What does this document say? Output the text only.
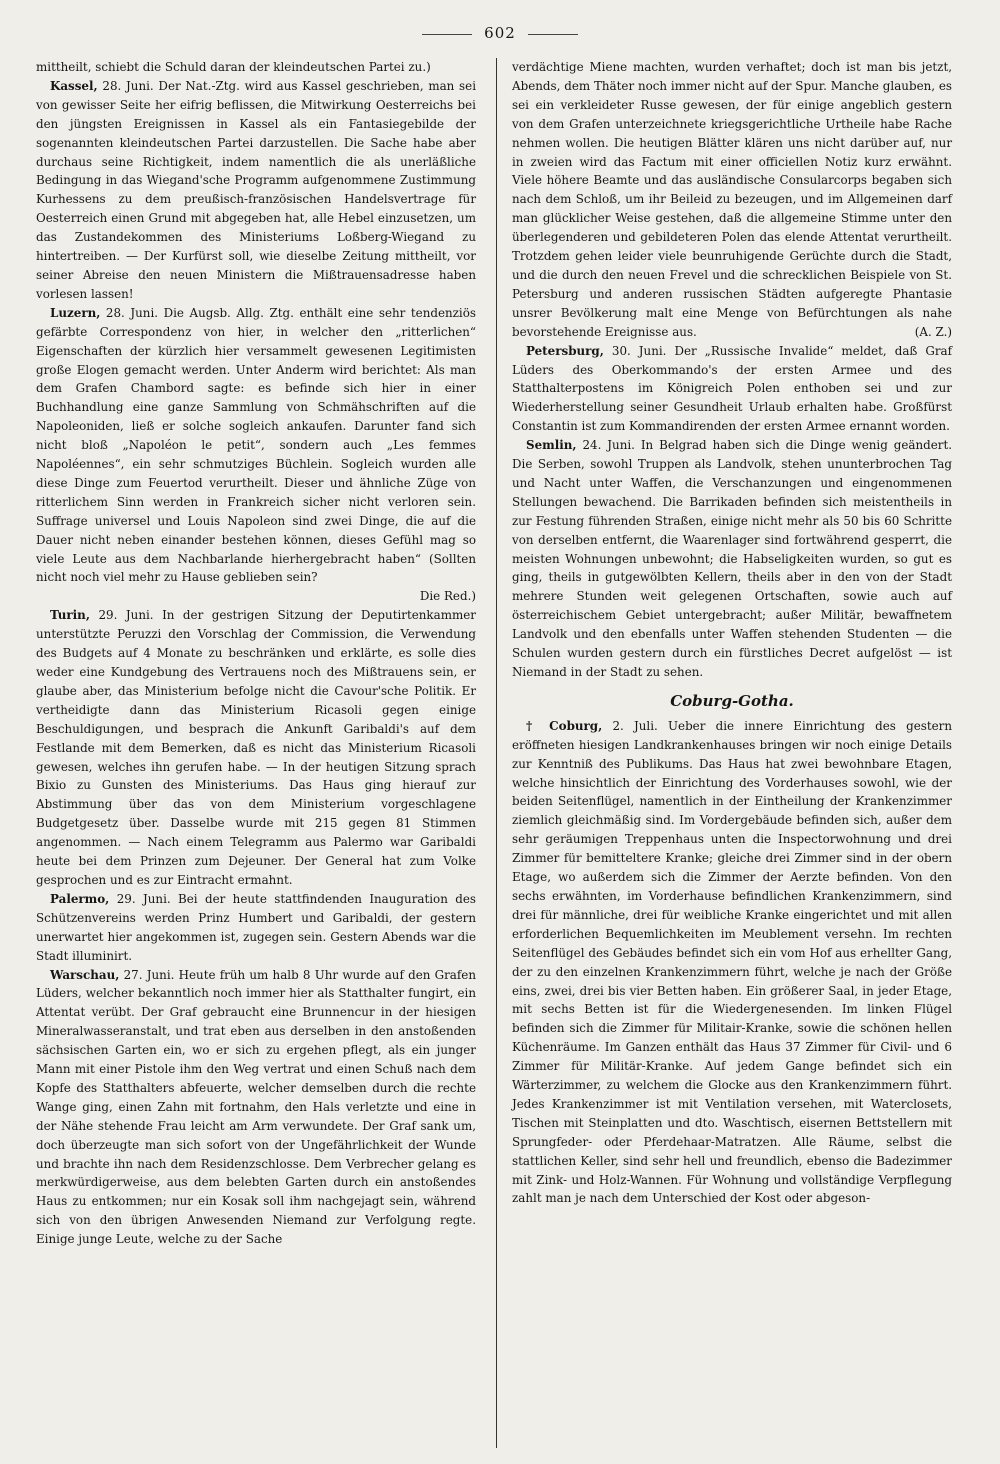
602

mittheilt, schiebt die Schuld daran der kleindeutschen Partei zu.)

Kassel, 28. Juni. Der Nat.-Ztg. wird aus Kassel geschrieben, man sei von gewisser Seite her eifrig beflissen, die Mitwirkung Oesterreichs bei den jüngsten Ereignissen in Kassel als ein Fantasiegebilde der sogenannten kleindeutschen Partei darzustellen. Die Sache habe aber durchaus seine Richtigkeit, indem namentlich die als unerläßliche Bedingung in das Wiegand'sche Programm aufgenommene Zustimmung Kurhessens zu dem preußisch-französischen Handelsvertrage für Oesterreich einen Grund mit abgegeben hat, alle Hebel einzusetzen, um das Zustandekommen des Ministeriums Loßberg-Wiegand zu hintertreiben. — Der Kurfürst soll, wie dieselbe Zeitung mittheilt, vor seiner Abreise den neuen Ministern die Mißtrauensadresse haben vorlesen lassen!

Luzern, 28. Juni. Die Augsb. Allg. Ztg. enthält eine sehr tendenziös gefärbte Correspondenz von hier, in welcher den „ritterlichen“ Eigenschaften der kürzlich hier versammelt gewesenen Legitimisten große Elogen gemacht werden. Unter Anderm wird berichtet: Als man dem Grafen Chambord sagte: es befinde sich hier in einer Buchhandlung eine ganze Sammlung von Schmähschriften auf die Napoleoniden, ließ er solche sogleich ankaufen. Darunter fand sich nicht bloß „Napoléon le petit“, sondern auch „Les femmes Napoléennes“, ein sehr schmutziges Büchlein. Sogleich wurden alle diese Dinge zum Feuertod verurtheilt. Dieser und ähnliche Züge von ritterlichem Sinn werden in Frankreich sicher nicht verloren sein. Suffrage universel und Louis Napoleon sind zwei Dinge, die auf die Dauer nicht neben einander bestehen können, dieses Gefühl mag so viele Leute aus dem Nachbarlande hierhergebracht haben“ (Sollten nicht noch viel mehr zu Hause geblieben sein?

Die Red.)

Turin, 29. Juni. In der gestrigen Sitzung der Deputirtenkammer unterstützte Peruzzi den Vorschlag der Commission, die Verwendung des Budgets auf 4 Monate zu beschränken und erklärte, es solle dies weder eine Kundgebung des Vertrauens noch des Mißtrauens sein, er glaube aber, das Ministerium befolge nicht die Cavour'sche Politik. Er vertheidigte dann das Ministerium Ricasoli gegen einige Beschuldigungen, und besprach die Ankunft Garibaldi's auf dem Festlande mit dem Bemerken, daß es nicht das Ministerium Ricasoli gewesen, welches ihn gerufen habe. — In der heutigen Sitzung sprach Bixio zu Gunsten des Ministeriums. Das Haus ging hierauf zur Abstimmung über das von dem Ministerium vorgeschlagene Budgetgesetz über. Dasselbe wurde mit 215 gegen 81 Stimmen angenommen. — Nach einem Telegramm aus Palermo war Garibaldi heute bei dem Prinzen zum Dejeuner. Der General hat zum Volke gesprochen und es zur Eintracht ermahnt.

Palermo, 29. Juni. Bei der heute stattfindenden Inauguration des Schützenvereins werden Prinz Humbert und Garibaldi, der gestern unerwartet hier angekommen ist, zugegen sein. Gestern Abends war die Stadt illuminirt.

Warschau, 27. Juni. Heute früh um halb 8 Uhr wurde auf den Grafen Lüders, welcher bekanntlich noch immer hier als Statthalter fungirt, ein Attentat verübt. Der Graf gebraucht eine Brunnencur in der hiesigen Mineralwasseranstalt, und trat eben aus derselben in den anstoßenden sächsischen Garten ein, wo er sich zu ergehen pflegt, als ein junger Mann mit einer Pistole ihm den Weg vertrat und einen Schuß nach dem Kopfe des Statthalters abfeuerte, welcher demselben durch die rechte Wange ging, einen Zahn mit fortnahm, den Hals verletzte und eine in der Nähe stehende Frau leicht am Arm verwundete. Der Graf sank um, doch überzeugte man sich sofort von der Ungefährlichkeit der Wunde und brachte ihn nach dem Residenzschlosse. Dem Verbrecher gelang es merkwürdigerweise, aus dem belebten Garten durch ein anstoßendes Haus zu entkommen; nur ein Kosak soll ihm nachgejagt sein, während sich von den übrigen Anwesenden Niemand zur Verfolgung regte. Einige junge Leute, welche zu der Sache

verdächtige Miene machten, wurden verhaftet; doch ist man bis jetzt, Abends, dem Thäter noch immer nicht auf der Spur. Manche glauben, es sei ein verkleideter Russe gewesen, der für einige angeblich gestern von dem Grafen unterzeichnete kriegsgerichtliche Urtheile habe Rache nehmen wollen. Die heutigen Blätter klären uns nicht darüber auf, nur in zweien wird das Factum mit einer officiellen Notiz kurz erwähnt. Viele höhere Beamte und das ausländische Consularcorps begaben sich nach dem Schloß, um ihr Beileid zu bezeugen, und im Allgemeinen darf man glücklicher Weise gestehen, daß die allgemeine Stimme unter den überlegenderen und gebildeteren Polen das elende Attentat verurtheilt. Trotzdem gehen leider viele beunruhigende Gerüchte durch die Stadt, und die durch den neuen Frevel und die schrecklichen Beispiele von St. Petersburg und anderen russischen Städten aufgeregte Phantasie unsrer Bevölkerung malt eine Menge von Befürchtungen als nahe bevorstehende Ereignisse aus.	(A. Z.)

Petersburg, 30. Juni. Der „Russische Invalide“ meldet, daß Graf Lüders des Oberkommando's der ersten Armee und des Statthalterpostens im Königreich Polen enthoben sei und zur Wiederherstellung seiner Gesundheit Urlaub erhalten habe. Großfürst Constantin ist zum Kommandirenden der ersten Armee ernannt worden.

Semlin, 24. Juni. In Belgrad haben sich die Dinge wenig geändert. Die Serben, sowohl Truppen als Landvolk, stehen ununterbrochen Tag und Nacht unter Waffen, die Verschanzungen und eingenommenen Stellungen bewachend. Die Barrikaden befinden sich meistentheils in zur Festung führenden Straßen, einige nicht mehr als 50 bis 60 Schritte von derselben entfernt, die Waarenlager sind fortwährend gesperrt, die meisten Wohnungen unbewohnt; die Habseligkeiten wurden, so gut es ging, theils in gutgewölbten Kellern, theils aber in den von der Stadt mehrere Stunden weit gelegenen Ortschaften, sowie auch auf österreichischem Gebiet untergebracht; außer Militär, bewaffnetem Landvolk und den ebenfalls unter Waffen stehenden Studenten — die Schulen wurden gestern durch ein fürstliches Decret aufgelöst — ist Niemand in der Stadt zu sehen.

Coburg-Gotha.

† Coburg, 2. Juli. Ueber die innere Einrichtung des gestern eröffneten hiesigen Landkrankenhauses bringen wir noch einige Details zur Kenntniß des Publikums. Das Haus hat zwei bewohnbare Etagen, welche hinsichtlich der Einrichtung des Vorderhauses sowohl, wie der beiden Seitenflügel, namentlich in der Eintheilung der Krankenzimmer ziemlich gleichmäßig sind. Im Vordergebäude befinden sich, außer dem sehr geräumigen Treppenhaus unten die Inspectorwohnung und drei Zimmer für bemitteltere Kranke; gleiche drei Zimmer sind in der obern Etage, wo außerdem sich die Zimmer der Aerzte befinden. Von den sechs erwähnten, im Vorderhause befindlichen Krankenzimmern, sind drei für männliche, drei für weibliche Kranke eingerichtet und mit allen erforderlichen Bequemlichkeiten im Meublement versehn. Im rechten Seitenflügel des Gebäudes befindet sich ein vom Hof aus erhellter Gang, der zu den einzelnen Krankenzimmern führt, welche je nach der Größe eins, zwei, drei bis vier Betten haben. Ein größerer Saal, in jeder Etage, mit sechs Betten ist für die Wiedergenesenden. Im linken Flügel befinden sich die Zimmer für Militair-Kranke, sowie die schönen hellen Küchenräume. Im Ganzen enthält das Haus 37 Zimmer für Civil- und 6 Zimmer für Militär-Kranke. Auf jedem Gange befindet sich ein Wärterzimmer, zu welchem die Glocke aus den Krankenzimmern führt. Jedes Krankenzimmer ist mit Ventilation versehen, mit Waterclosets, Tischen mit Steinplatten und dto. Waschtisch, eisernen Bettstellern mit Sprungfeder- oder Pferdehaar-Matratzen. Alle Räume, selbst die stattlichen Keller, sind sehr hell und freundlich, ebenso die Badezimmer mit Zink- und Holz-Wannen. Für Wohnung und vollständige Verpflegung zahlt man je nach dem Unterschied der Kost oder abgeson-
